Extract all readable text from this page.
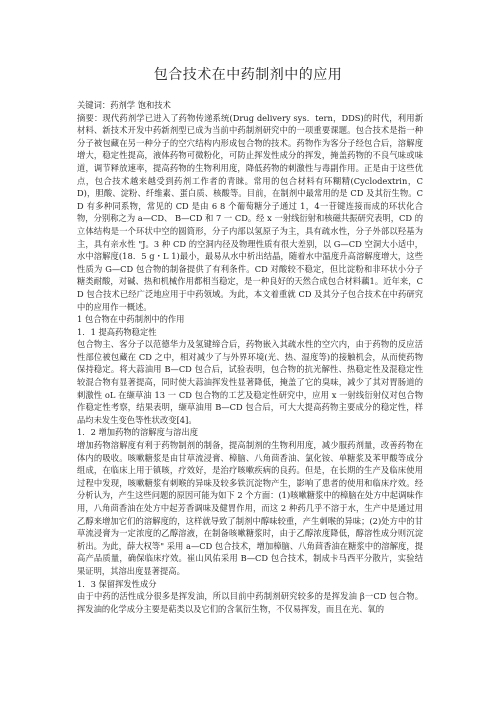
包合技术在中药制剂中的应用

关键词：药剂学 饱和技术

摘要：现代药剂学已进入了药物传递系统(Drug delivery sys．tern，DDS)的时代，利用新材料、新技术开发中药新剂型已成为当前中药制剂研究中的一项重要课题。包合技术是指一种分子被包藏在另一种分子的空穴结构内形成包合物的技术。药物作为客分子经包合后，溶解度增大，稳定性提高，液体药物可微粉化，可防止挥发性成分的挥发，掩盖药物的不良气味或味道，调节释放速率，提高药物的生物利用度，降低药物的刺激性与毒副作用。正是由于这些优点，包合技术越来越受到药剂工作者的青睐。常用的包合材料有环糊精(Cyclodextrin，CD)，胆酸、淀粉、纤维素、蛋白质、核酸等。目前，在制剂中最常用的是 CD 及其衍生物。CD 有多种同系物，常见的 CD 是由 6 8 个葡萄糖分子通过 1，4一苷键连接而成的环状化合物，分别称之为 a—CD、 B—CD 和 7 一 CD。经 x 一射线衍射和核磁共振研究表明，CD 的立体结构是一个环状中空的圆筒形，分子内部以氢原子为主，具有疏水性，分子外部以羟基为主，具有亲水性 "J。3 种 CD 的空洞内径及物理性质有很大差别，以 G—CD 空洞大小适中，水中溶解度(18．5 g・L 1)最小，最易从水中析出结晶，随着水中温度升高溶解度增大，这些性质为 G—CD 包合物的制备提供了有利条件。CD 对酸较不稳定，但比淀粉和非环状小分子糖类耐酸，对碱、热和机械作用都相当稳定，是一种良好的天然合成包合材料藕1。近年来，CD 包合技术已经广泛地应用于中药领域。为此，本文着重就 CD 及其分子包合技术在中药研究中的应用作一概述。

1 包合物在中药制剂中的作用

1．1 提高药物稳定性

包合物主、客分子以范德华力及氢键缔合后，药物嵌入其疏水性的空穴内，由于药物的反应活性部位被包藏在 CD 之中，相对减少了与外界环境(光、热、湿度等)的接触机会，从而使药物保持稳定。将大蒜油用 B—CD 包合后，试验表明，包合物的抗光解性、热稳定性及混稳定性较混合物有显著提高，同时使大蒜油挥发性显著降低，掩盖了它的臭味，减少了其对胃肠道的刺激性 oL 在缬草油 13 一 CD 包合物的工艺及稳定性研究中，应用 x 一射线衍射仪对包合物作稳定性考察，结果表明，缬草油用 B—CD 包合后，可大大提高药物主要成分的稳定性，样品均未发生变色等性状改变[4]。

1．2 增加药物的溶解度与溶出度

增加药物溶解度有利于药物制剂的制备，提高制剂的生物利用度，减少服药剂量，改善药物在体内的吸收。咳嗽糖浆是由甘草流浸膏、樟脑、八角茴香油、氯化铵、单糖浆及苯甲酸等成分组成，在临床上用于镇咳，疗效好，是治疗咳嗽疾病的良药。但是，在长期的生产及临床使用过程中发现，咳嗽糖浆有刺喉的异味及较多铁沉淀物产生，影响了患者的使用和临床疗效。经分析认为，产生这些问题的原因可能为如下 2 个方面：(1)咳嗽糖浆中的樟脑在处方中起调味作用，八角茴香油在处方中起芳香调味及健胃作用，而这 2 种药几乎不溶于水，生产中是通过用乙醇来增加它们的溶解度的，这样就导致了制剂中醇味较重，产生刺喉的异味；(2)处方中的甘草流浸膏为一定浓度的乙醇溶液，在制备咳嗽糖浆时，由于乙醇浓度降低，醇溶性成分则沉淀析出。为此，薛大权等" 采用 a—CD 包合技术，增加樟脑、八角茴香油在糖浆中的溶解度，提高产品质量，确保临床疗效。崔山风佑采用 B—CD 包合技术，制成卡马西平分散片，实验结果证明，其溶出度显著提高。

1．3 保留挥发性成分

由于中药的活性成分很多是挥发油，所以目前中药制剂研究较多的是挥发油 β一CD 包合物。挥发油的化学成分主要是萜类以及它们的含氧衍生物，不仅易挥发，而且在光、氧的
